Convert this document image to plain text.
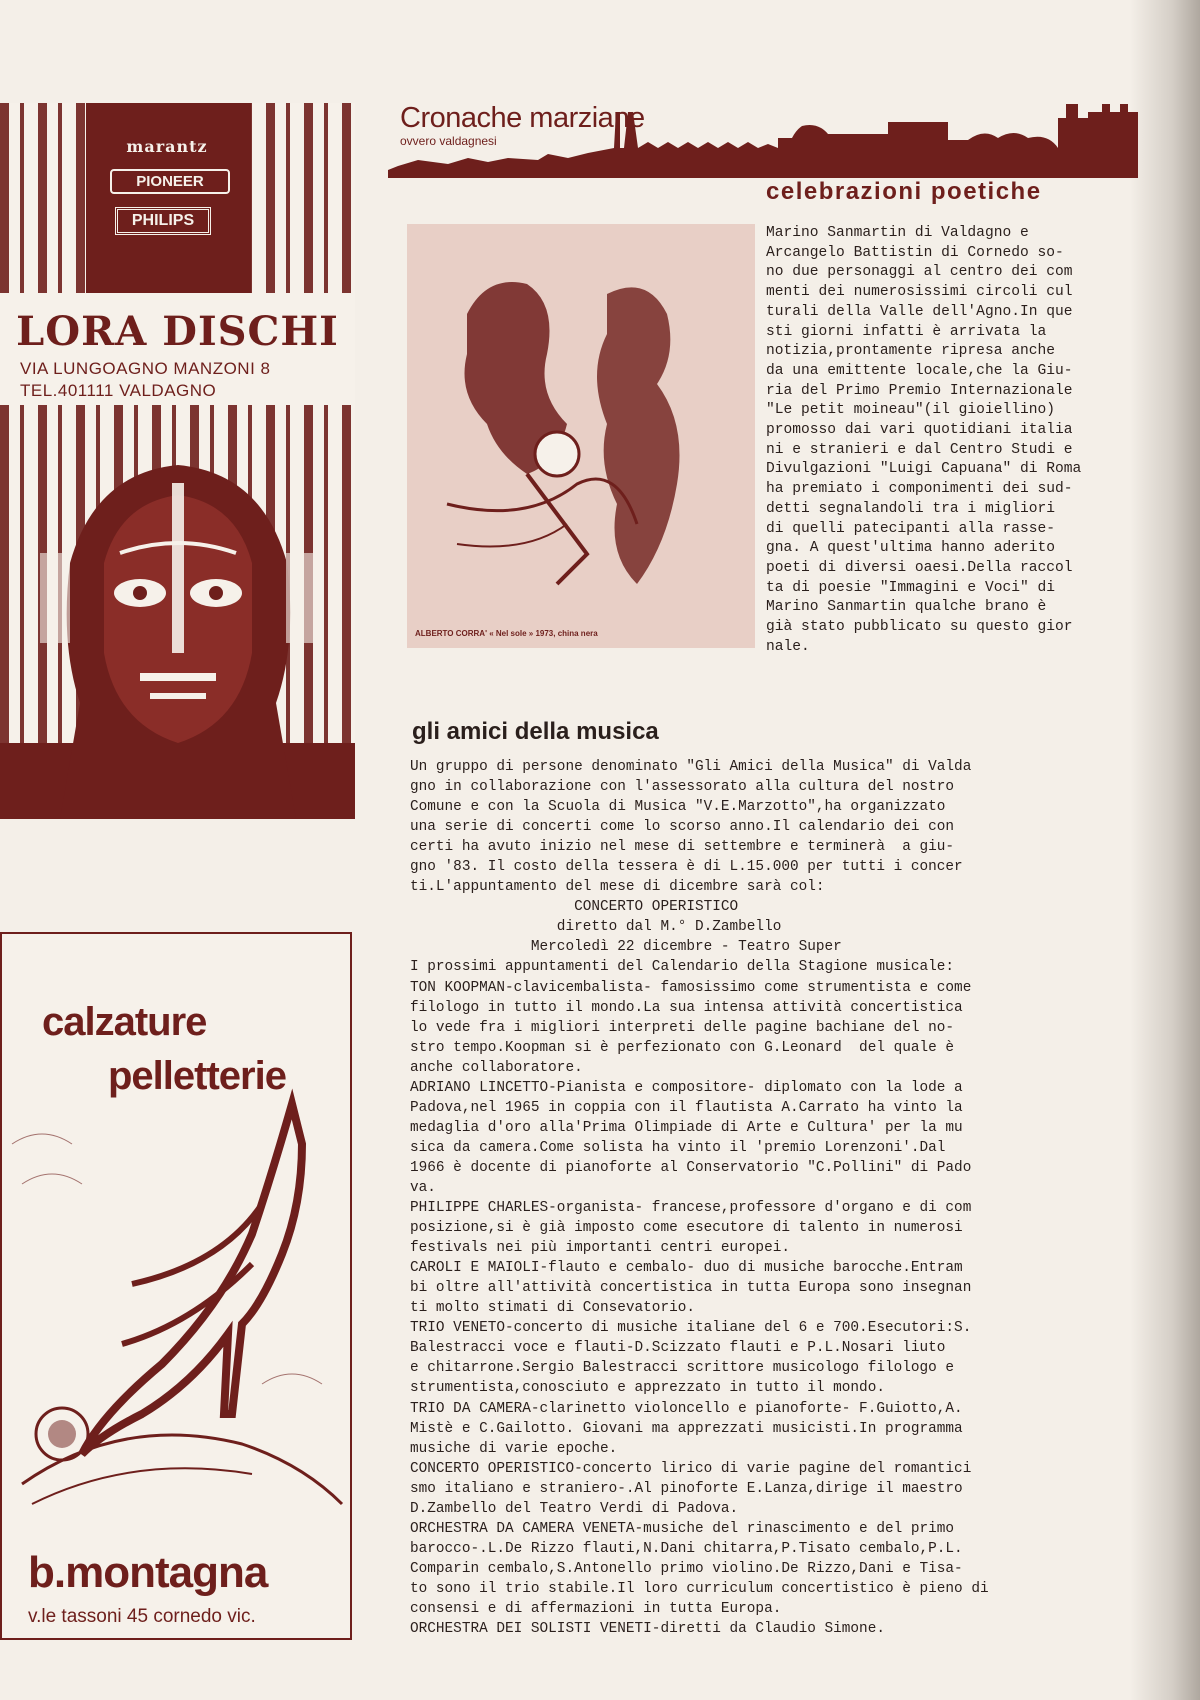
marantz
PIONEER
PHILIPS
LORA DISCHI
VIA LUNGOAGNO MANZONI 8
TEL.401111 VALDAGNO
Cronache marziane
ovvero valdagnesi
celebrazioni poetiche
ALBERTO CORRA' « Nel sole » 1973, china nera

Marino Sanmartin di Valdagno e

Arcangelo Battistin di Cornedo so-

no due personaggi al centro dei com

menti dei numerosissimi circoli cul

turali della Valle dell'Agno.In que

sti giorni infatti è arrivata la

notizia,prontamente ripresa anche

da una emittente locale,che la Giu-

ria del Primo Premio Internazionale

"Le petit moineau"(il gioiellino)

promosso dai vari quotidiani italia

ni e stranieri e dal Centro Studi e

Divulgazioni "Luigi Capuana" di Roma

ha premiato i componimenti dei sud-

detti segnalandoli tra i migliori

di quelli patecipanti alla rasse-

gna. A quest'ultima hanno aderito

poeti di diversi oaesi.Della raccol

ta di poesie "Immagini e Voci" di

Marino Sanmartin qualche brano è

già stato pubblicato su questo gior

nale.

gli amici della musica

Un gruppo di persone denominato "Gli Amici della Musica" di Valda

gno in collaborazione con l'assessorato alla cultura del nostro

Comune e con la Scuola di Musica "V.E.Marzotto",ha organizzato

una serie di concerti come lo scorso anno.Il calendario dei con

certi ha avuto inizio nel mese di settembre e terminerà  a giu-

gno '83. Il costo della tessera è di L.15.000 per tutti i concer

ti.L'appuntamento del mese di dicembre sarà col:

CONCERTO OPERISTICO

diretto dal M.° D.Zambello

Mercoledì 22 dicembre - Teatro Super

I prossimi appuntamenti del Calendario della Stagione musicale:

TON KOOPMAN-clavicembalista- famosissimo come strumentista e come

filologo in tutto il mondo.La sua intensa attività concertistica

lo vede fra i migliori interpreti delle pagine bachiane del no-

stro tempo.Koopman si è perfezionato con G.Leonard  del quale è

anche collaboratore.

ADRIANO LINCETTO-Pianista e compositore- diplomato con la lode a

Padova,nel 1965 in coppia con il flautista A.Carrato ha vinto la

medaglia d'oro alla'Prima Olimpiade di Arte e Cultura' per la mu

sica da camera.Come solista ha vinto il 'premio Lorenzoni'.Dal

1966 è docente di pianoforte al Conservatorio "C.Pollini" di Pado

va.

PHILIPPE CHARLES-organista- francese,professore d'organo e di com

posizione,si è già imposto come esecutore di talento in numerosi

festivals nei più importanti centri europei.

CAROLI E MAIOLI-flauto e cembalo- duo di musiche barocche.Entram

bi oltre all'attività concertistica in tutta Europa sono insegnan

ti molto stimati di Consevatorio.

TRIO VENETO-concerto di musiche italiane del 6 e 700.Esecutori:S.

Balestracci voce e flauti-D.Scizzato flauti e P.L.Nosari liuto

e chitarrone.Sergio Balestracci scrittore musicologo filologo e

strumentista,conosciuto e apprezzato in tutto il mondo.

TRIO DA CAMERA-clarinetto violoncello e pianoforte- F.Guiotto,A.

Mistè e C.Gailotto. Giovani ma apprezzati musicisti.In programma

musiche di varie epoche.

CONCERTO OPERISTICO-concerto lirico di varie pagine del romantici

smo italiano e straniero-.Al pinoforte E.Lanza,dirige il maestro

D.Zambello del Teatro Verdi di Padova.

ORCHESTRA DA CAMERA VENETA-musiche del rinascimento e del primo

barocco-.L.De Rizzo flauti,N.Dani chitarra,P.Tisato cembalo,P.L.

Comparin cembalo,S.Antonello primo violino.De Rizzo,Dani e Tisa-

to sono il trio stabile.Il loro curriculum concertistico è pieno di

consensi e di affermazioni in tutta Europa.

ORCHESTRA DEI SOLISTI VENETI-diretti da Claudio Simone.

calzature
pelletterie
b.montagna
v.le tassoni 45 cornedo vic.
